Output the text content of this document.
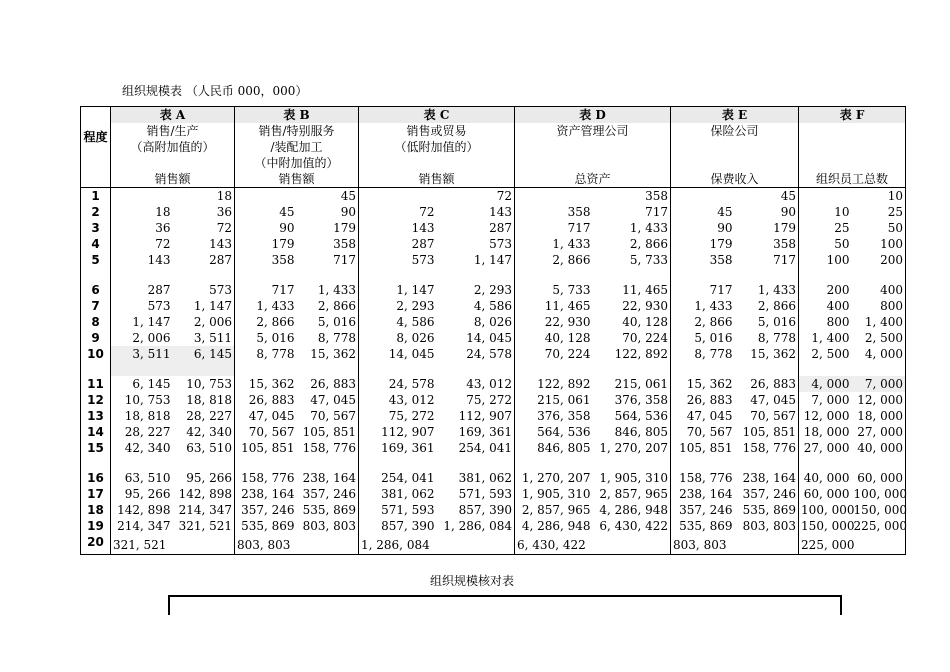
组织规模表 （人民币 000，000）
程度	表 A		表 B		表 C		表 D		表 E		表 F	
	销售/生产		销售/特别服务		销售或贸易		资产管理公司		保险公司			
	（高附加值的）		/装配加工		（低附加值的）							
			（中附加值的）									
	销售额		销售额		销售额		总资产		保费收入		组织员工总数	
1		18		45		72		358		45		10
2	18	36	45	90	72	143	358	717	45	90	10	25
3	36	72	90	179	143	287	717	1, 433	90	179	25	50
4	72	143	179	358	287	573	1, 433	2, 866	179	358	50	100
5	143	287	358	717	573	1, 147	2, 866	5, 733	358	717	100	200

6	287	573	717	1, 433	1, 147	2, 293	5, 733	11, 465	717	1, 433	200	400
7	573	1, 147	1, 433	2, 866	2, 293	4, 586	11, 465	22, 930	1, 433	2, 866	400	800
8	1, 147	2, 006	2, 866	5, 016	4, 586	8, 026	22, 930	40, 128	2, 866	5, 016	800	1, 400
9	2, 006	3, 511	5, 016	8, 778	8, 026	14, 045	40, 128	70, 224	5, 016	8, 778	1, 400	2, 500
10	3, 511	6, 145	8, 778	15, 362	14, 045	24, 578	70, 224	122, 892	8, 778	15, 362	2, 500	4, 000

11	6, 145	10, 753	15, 362	26, 883	24, 578	43, 012	122, 892	215, 061	15, 362	26, 883	4, 000	7, 000
12	10, 753	18, 818	26, 883	47, 045	43, 012	75, 272	215, 061	376, 358	26, 883	47, 045	7, 000	12, 000
13	18, 818	28, 227	47, 045	70, 567	75, 272	112, 907	376, 358	564, 536	47, 045	70, 567	12, 000	18, 000
14	28, 227	42, 340	70, 567	105, 851	112, 907	169, 361	564, 536	846, 805	70, 567	105, 851	18, 000	27, 000
15	42, 340	63, 510	105, 851	158, 776	169, 361	254, 041	846, 805	1, 270, 207	105, 851	158, 776	27, 000	40, 000

16	63, 510	95, 266	158, 776	238, 164	254, 041	381, 062	1, 270, 207	1, 905, 310	158, 776	238, 164	40, 000	60, 000
17	95, 266	142, 898	238, 164	357, 246	381, 062	571, 593	1, 905, 310	2, 857, 965	238, 164	357, 246	60, 000	100, 000
18	142, 898	214, 347	357, 246	535, 869	571, 593	857, 390	2, 857, 965	4, 286, 948	357, 246	535, 869	100, 000	150, 000
19	214, 347	321, 521	535, 869	803, 803	857, 390	1, 286, 084	4, 286, 948	6, 430, 422	535, 869	803, 803	150, 000	225, 000
20	321, 521		803, 803		1, 286, 084		6, 430, 422		803, 803		225, 000	
组织规模核对表
